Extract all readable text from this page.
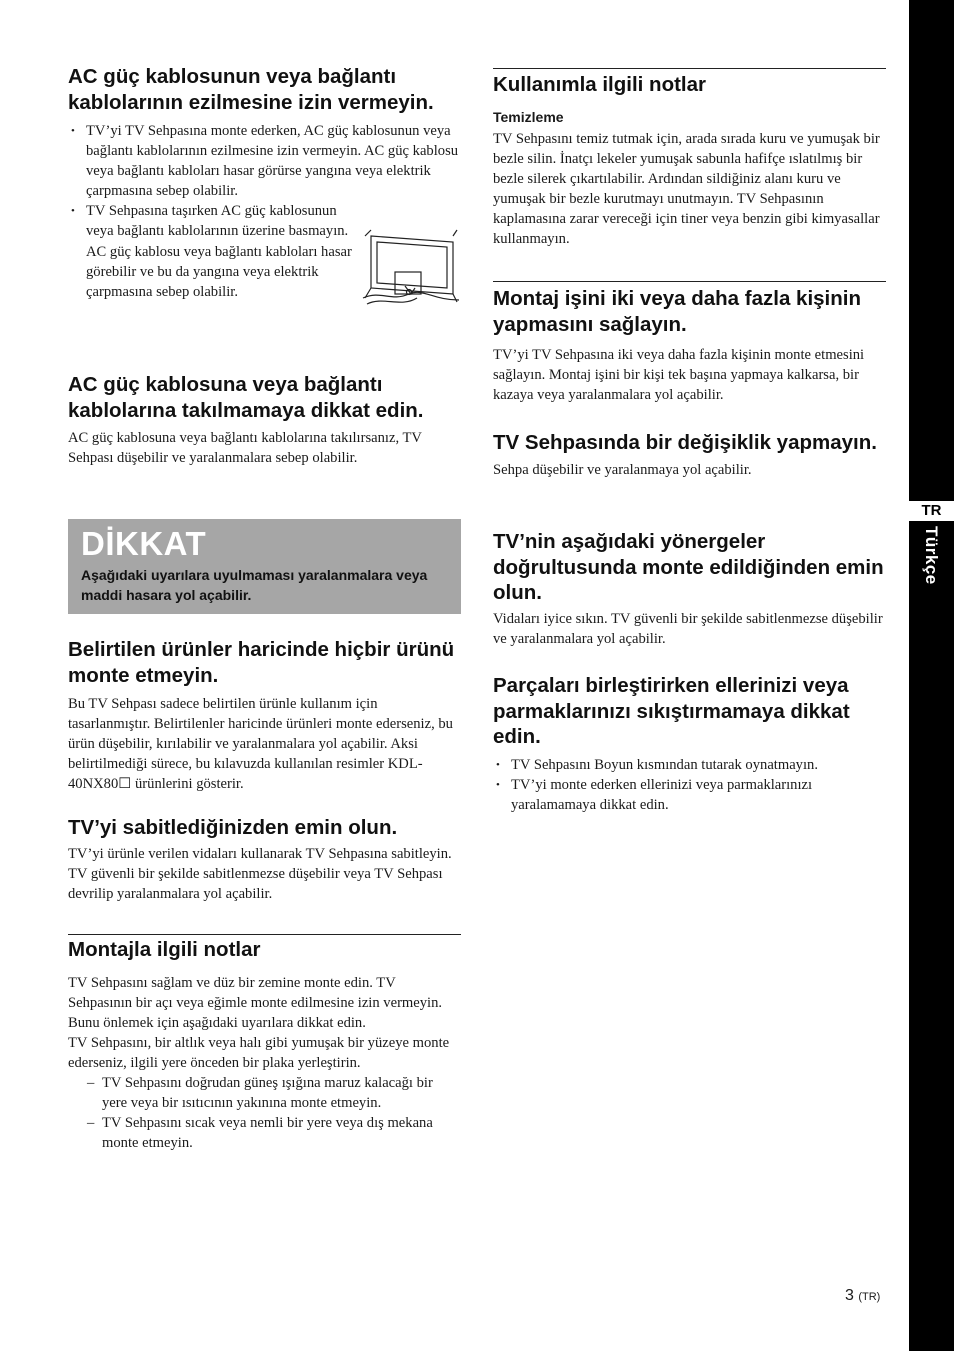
AC güç kablosunun veya bağlantı kablolarının ezilmesine izin vermeyin.
• TV’yi TV Sehpasına monte ederken, AC güç kablosunun veya bağlantı kablolarının ezilmesine izin vermeyin. AC güç kablosu veya bağlantı kabloları hasar görürse yangına veya elektrik çarpmasına sebep olabilir.
• TV Sehpasına taşırken AC güç kablosunun veya bağlantı kablolarının üzerine basmayın. AC güç kablosu veya bağlantı kabloları hasar görebilir ve bu da yangına veya elektrik çarpmasına sebep olabilir.
AC güç kablosuna veya bağlantı kablolarına takılmamaya dikkat edin.

AC güç kablosuna veya bağlantı kablolarına takılırsanız, TV Sehpası düşebilir ve yaralanmalara sebep olabilir.

DİKKAT
Aşağıdaki uyarılara uyulmaması yaralanmalara veya maddi hasara yol açabilir.
Belirtilen ürünler haricinde hiçbir ürünü monte etmeyin.

Bu TV Sehpası sadece belirtilen ürünle kullanım için tasarlanmıştır. Belirtilenler haricinde ürünleri monte ederseniz, bu ürün düşebilir, kırılabilir ve yaralanmalara yol açabilir. Aksi belirtilmediği sürece, bu kılavuzda kullanılan resimler KDL-40NX80☐ ürünlerini gösterir.

TV’yi sabitlediğinizden emin olun.

TV’yi ürünle verilen vidaları kullanarak TV Sehpasına sabitleyin. TV güvenli bir şekilde sabitlenmezse düşebilir veya TV Sehpası devrilip yaralanmalara yol açabilir.

Montajla ilgili notlar

TV Sehpasını sağlam ve düz bir zemine monte edin. TV Sehpasının bir açı veya eğimle monte edilmesine izin vermeyin. Bunu önlemek için aşağıdaki uyarılara dikkat edin.

TV Sehpasını, bir altlık veya halı gibi yumuşak bir yüzeye monte ederseniz, ilgili yere önceden bir plaka yerleştirin.

– TV Sehpasını doğrudan güneş ışığına maruz kalacağı bir yere veya bir ısıtıcının yakınına monte etmeyin.
– TV Sehpasını sıcak veya nemli bir yere veya dış mekana monte etmeyin.
Kullanımla ilgili notlar
Temizleme

TV Sehpasını temiz tutmak için, arada sırada kuru ve yumuşak bir bezle silin. İnatçı lekeler yumuşak sabunla hafifçe ıslatılmış bir bezle silerek çıkartılabilir. Ardından sildiğiniz alanı kuru ve yumuşak bir bezle kurutmayı unutmayın. TV Sehpasının kaplamasına zarar vereceği için tiner veya benzin gibi kimyasallar kullanmayın.

Montaj işini iki veya daha fazla kişinin yapmasını sağlayın.

TV’yi TV Sehpasına iki veya daha fazla kişinin monte etmesini sağlayın. Montaj işini bir kişi tek başına yapmaya kalkarsa, bir kazaya veya yaralanmalara yol açabilir.

TV Sehpasında bir değişiklik yapmayın.

Sehpa düşebilir ve yaralanmaya yol açabilir.

TV’nin aşağıdaki yönergeler doğrultusunda monte edildiğinden emin olun.

Vidaları iyice sıkın. TV güvenli bir şekilde sabitlenmezse düşebilir ve yaralanmalara yol açabilir.

Parçaları birleştirirken ellerinizi veya parmaklarınızı sıkıştırmamaya dikkat edin.
• TV Sehpasını Boyun kısmından tutarak oynatmayın.
• TV’yi monte ederken ellerinizi veya parmaklarınızı yaralamamaya dikkat edin.
TR
Türkçe
3 (TR)
